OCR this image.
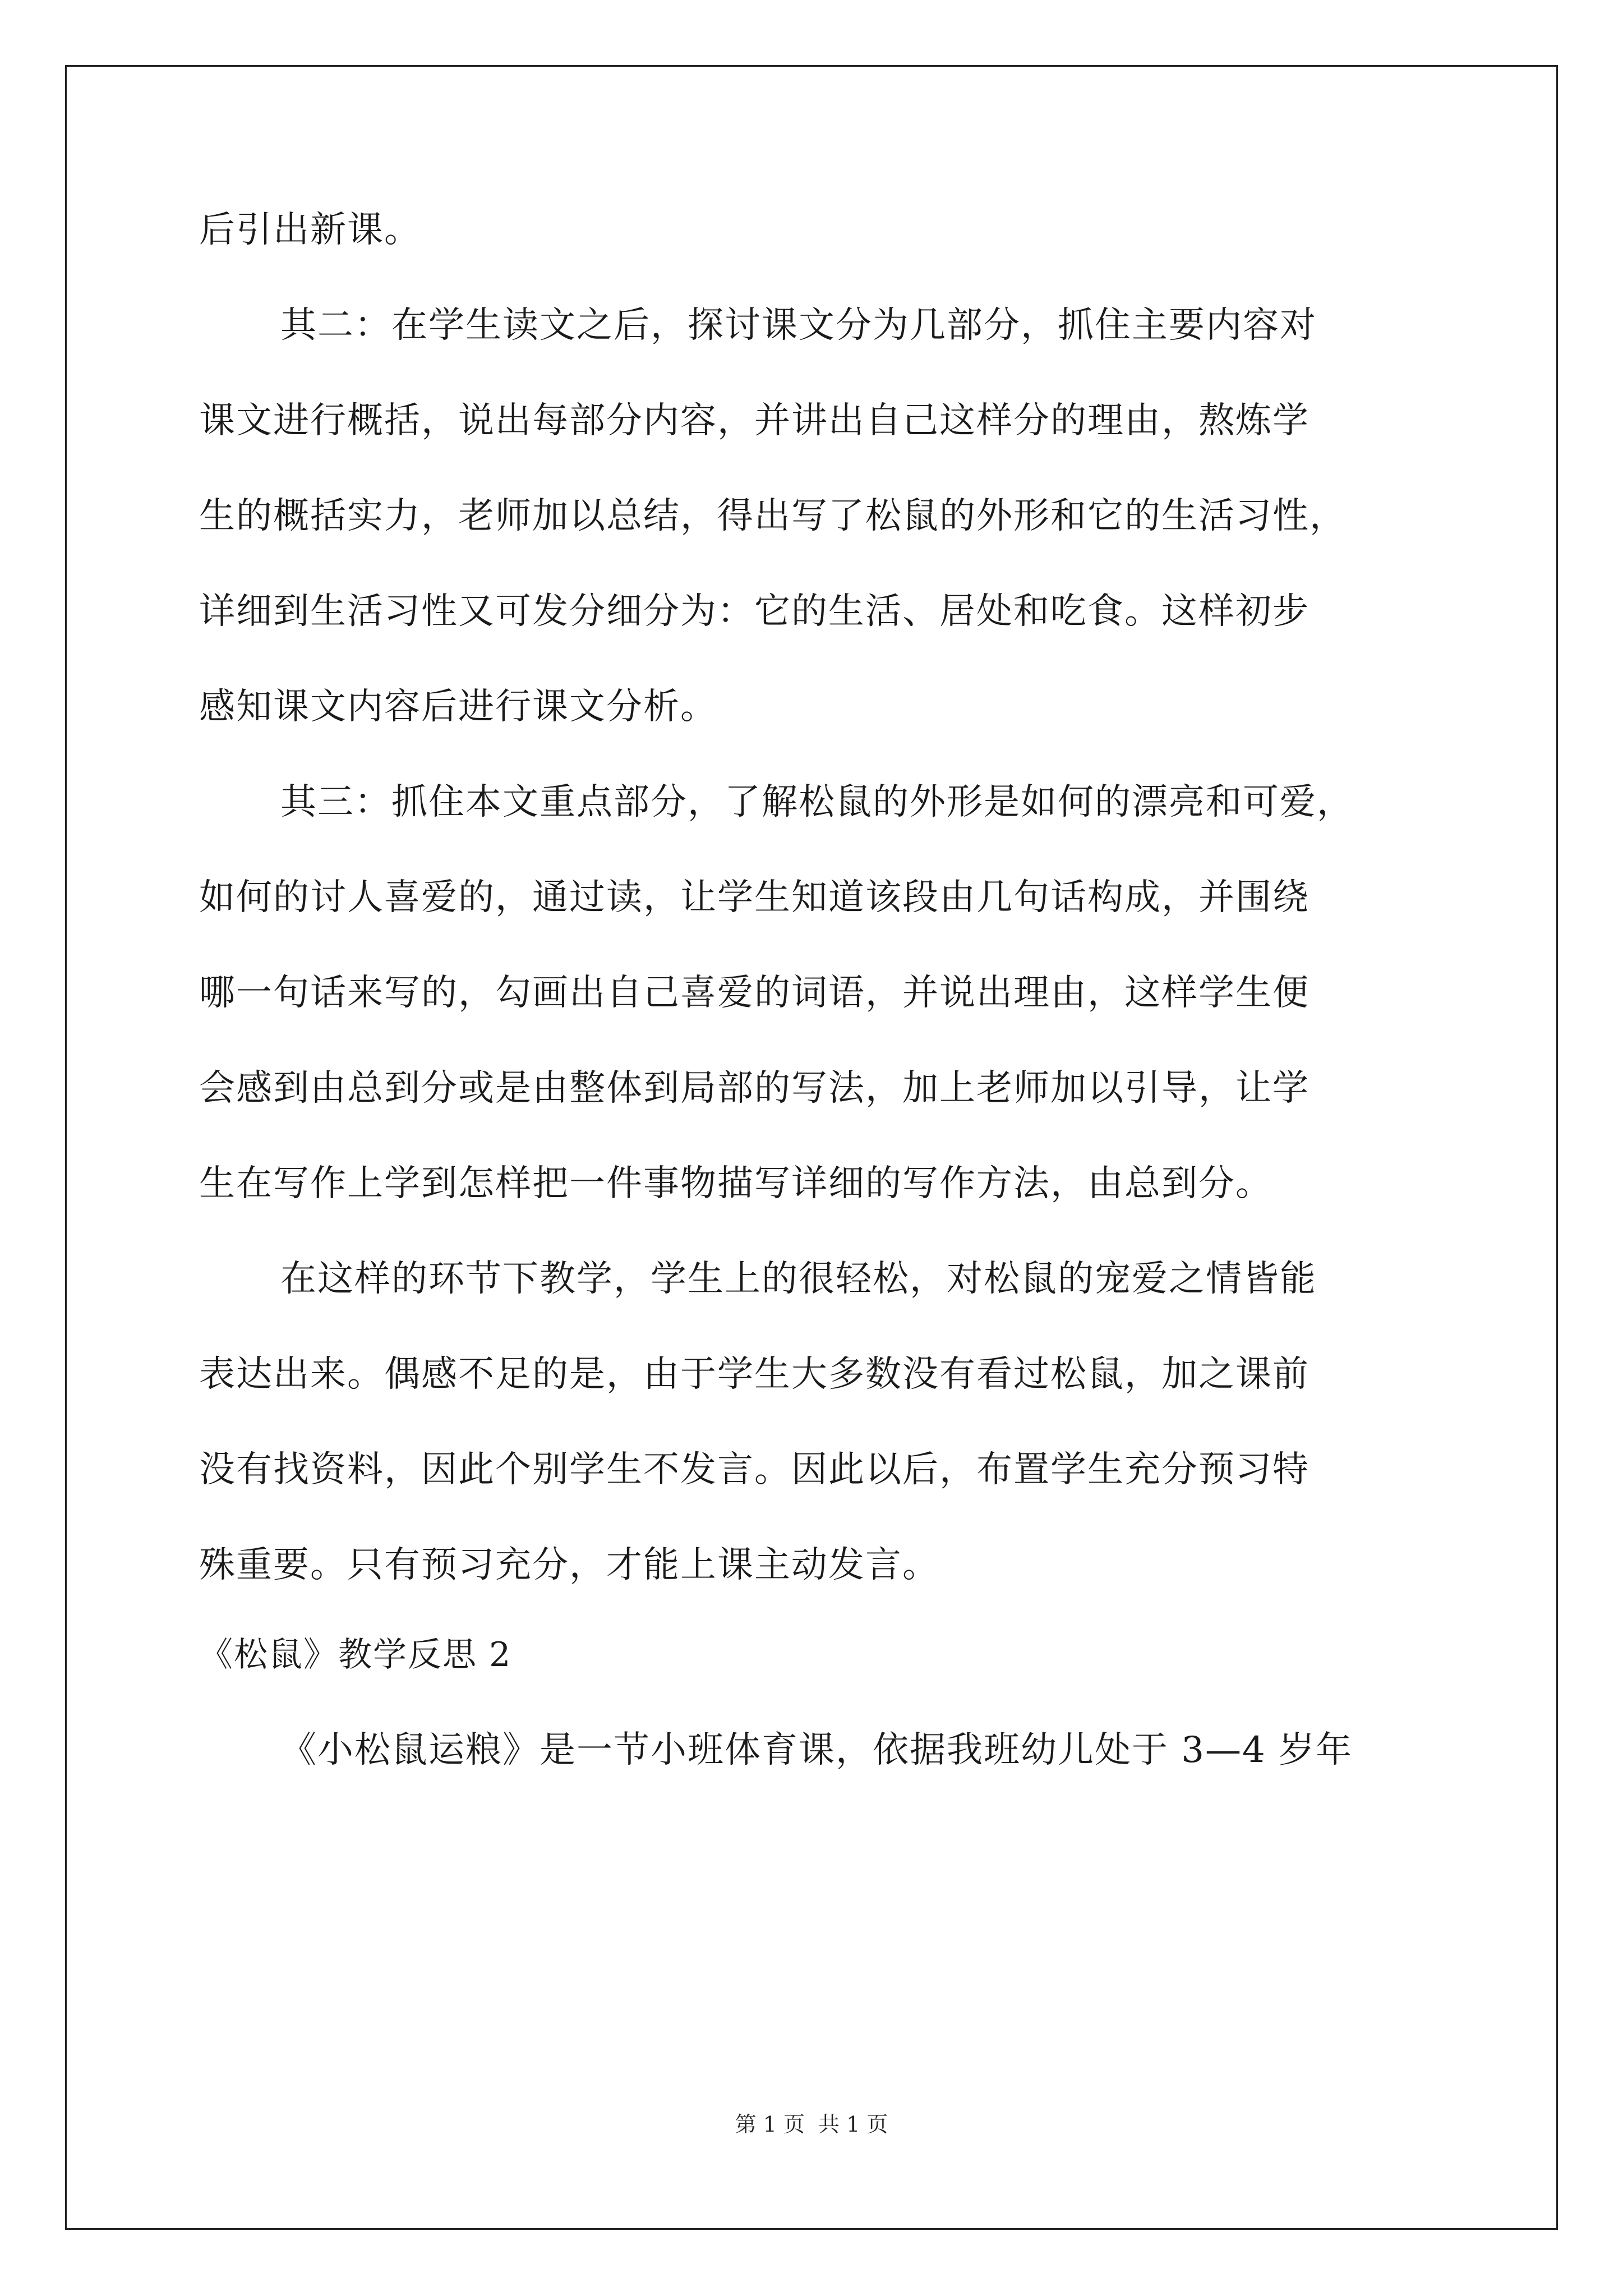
后引出新课。
其二：在学生读文之后，探讨课文分为几部分，抓住主要内容对
课文进行概括，说出每部分内容，并讲出自己这样分的理由，熬炼学
生的概括实力，老师加以总结，得出写了松鼠的外形和它的生活习性，
详细到生活习性又可发分细分为：它的生活、居处和吃食。这样初步
感知课文内容后进行课文分析。
其三：抓住本文重点部分，了解松鼠的外形是如何的漂亮和可爱，
如何的讨人喜爱的，通过读，让学生知道该段由几句话构成，并围绕
哪一句话来写的，勾画出自己喜爱的词语，并说出理由，这样学生便
会感到由总到分或是由整体到局部的写法，加上老师加以引导，让学
生在写作上学到怎样把一件事物描写详细的写作方法，由总到分。
在这样的环节下教学，学生上的很轻松，对松鼠的宠爱之情皆能
表达出来。偶感不足的是，由于学生大多数没有看过松鼠，加之课前
没有找资料，因此个别学生不发言。因此以后，布置学生充分预习特
殊重要。只有预习充分，才能上课主动发言。
《松鼠》教学反思 2
《小松鼠运粮》是一节小班体育课，依据我班幼儿处于 3—4 岁年
第 1 页 共 1 页
